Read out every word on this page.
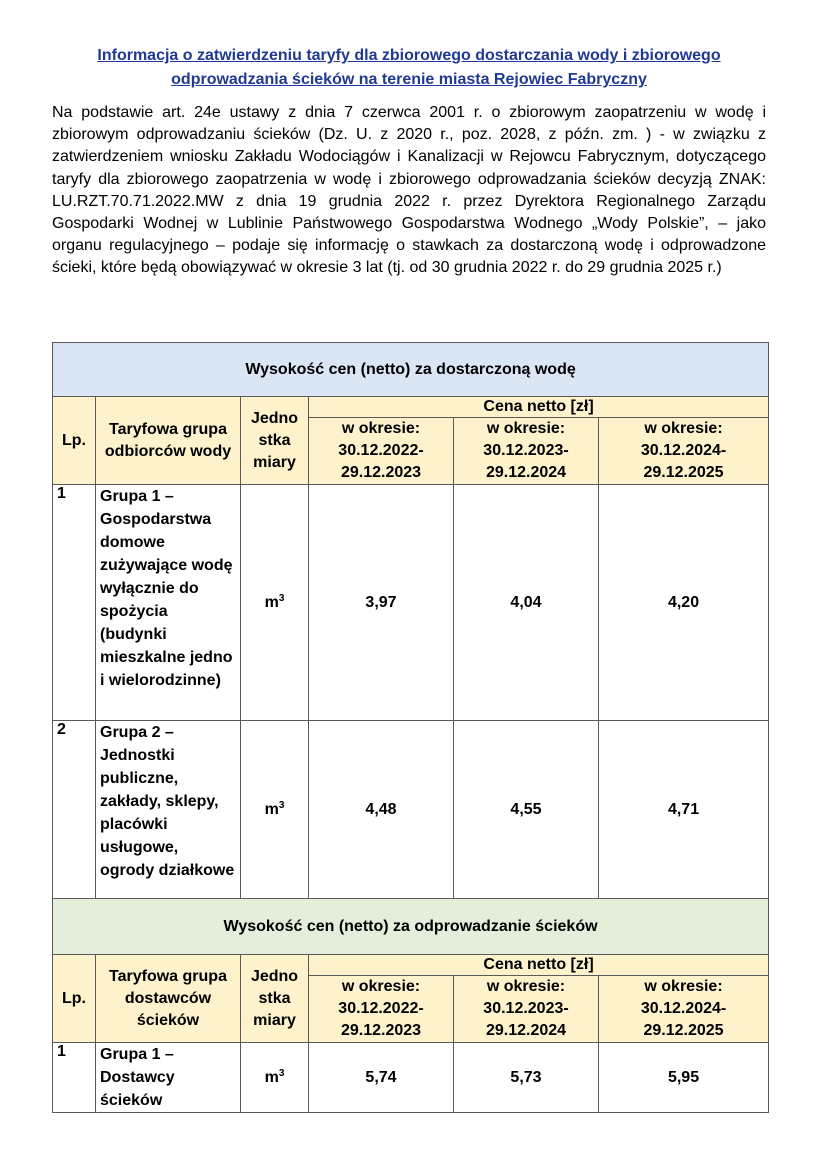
Informacja o zatwierdzeniu taryfy dla zbiorowego dostarczania wody i zbiorowego odprowadzania ścieków na terenie miasta Rejowiec Fabryczny
Na podstawie art. 24e ustawy z dnia 7 czerwca 2001 r. o zbiorowym zaopatrzeniu w wodę i zbiorowym odprowadzaniu ścieków (Dz. U. z 2020 r., poz. 2028, z późn. zm. ) - w związku z zatwierdzeniem wniosku Zakładu Wodociągów i Kanalizacji w Rejowcu Fabrycznym, dotyczącego taryfy dla zbiorowego zaopatrzenia w wodę i zbiorowego odprowadzania ścieków decyzją ZNAK: LU.RZT.70.71.2022.MW z dnia 19 grudnia 2022 r. przez Dyrektora Regionalnego Zarządu Gospodarki Wodnej w Lublinie Państwowego Gospodarstwa Wodnego „Wody Polskie”, – jako organu regulacyjnego – podaje się informację o stawkach za dostarczoną wodę i odprowadzone ścieki, które będą obowiązywać w okresie 3 lat (tj. od 30 grudnia 2022 r. do 29 grudnia 2025 r.)
Wysokość cen (netto) za dostarczoną wodę					
Lp.	Taryfowa grupa odbiorców wody	Jedno stka miary	Cena netto [zł]		
			w okresie: 30.12.2022-29.12.2023	w okresie: 30.12.2023-29.12.2024	w okresie: 30.12.2024-29.12.2025
1	Grupa 1 – Gospodarstwa domowe zużywające wodę wyłącznie do spożycia (budynki mieszkalne jedno i wielorodzinne)	$m^3$	3,97	4,04	4,20
2	Grupa 2 – Jednostki publiczne, zakłady, sklepy, placówki usługowe, ogrody działkowe	$m^3$	4,48	4,55	4,71
Wysokość cen (netto) za odprowadzanie ścieków					
Lp.	Taryfowa grupa dostawców ścieków	Jedno stka miary	Cena netto [zł]		
			w okresie: 30.12.2022-29.12.2023	w okresie: 30.12.2023-29.12.2024	w okresie: 30.12.2024-29.12.2025
1	Grupa 1 – Dostawcy ścieków	$m^3$	5,74	5,73	5,95
